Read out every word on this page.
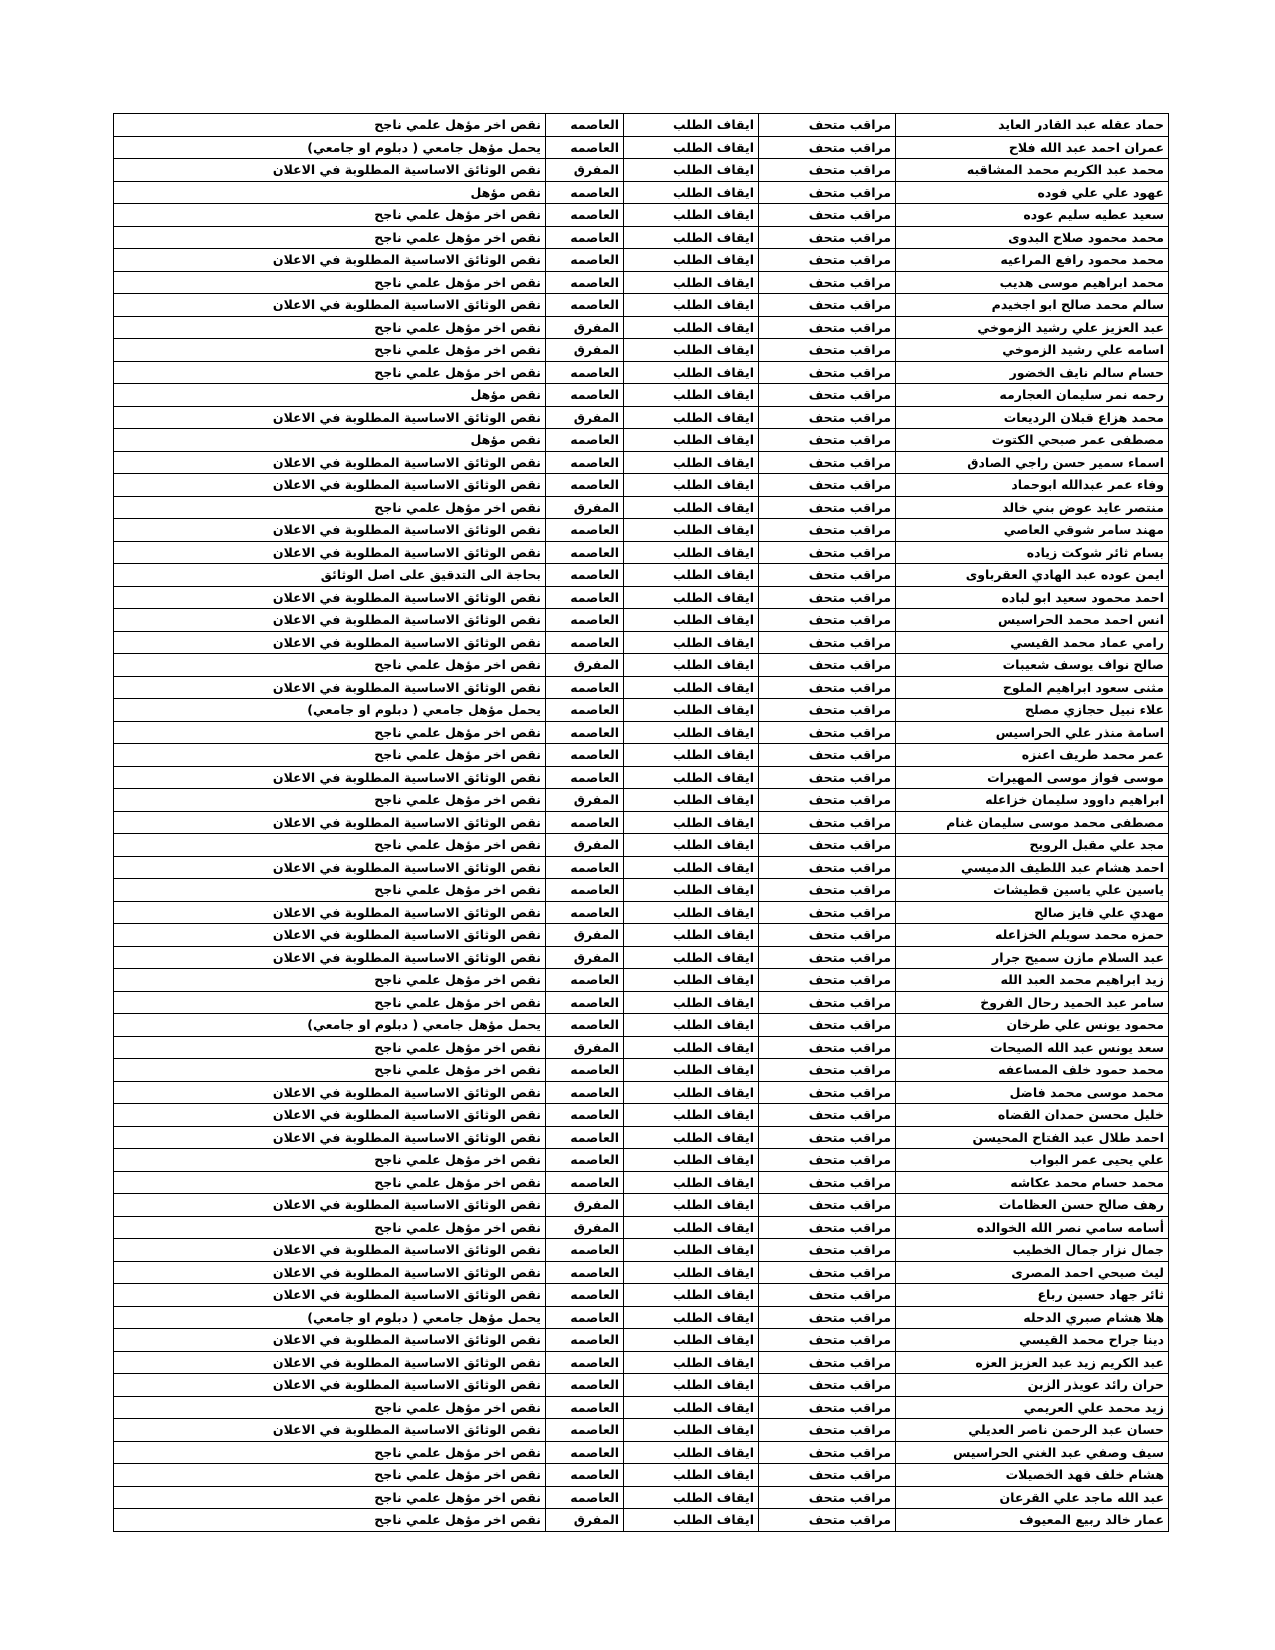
حماد عقله عبد القادر العايد	مراقب متحف	ايقاف الطلب	العاصمه	نقص اخر مؤهل علمي ناجح
عمران احمد عبد الله فلاح	مراقب متحف	ايقاف الطلب	العاصمه	يحمل مؤهل جامعي ( دبلوم او جامعي)
محمد عبد الكريم محمد المشاقبه	مراقب متحف	ايقاف الطلب	المفرق	نقص الوثائق الاساسية المطلوبة في الاعلان
عهود علي علي فوده	مراقب متحف	ايقاف الطلب	العاصمه	نقص مؤهل
سعيد عطيه سليم عوده	مراقب متحف	ايقاف الطلب	العاصمه	نقص اخر مؤهل علمي ناجح
محمد محمود صلاح البدوى	مراقب متحف	ايقاف الطلب	العاصمه	نقص اخر مؤهل علمي ناجح
محمد محمود رافع المراعيه	مراقب متحف	ايقاف الطلب	العاصمه	نقص الوثائق الاساسية المطلوبة في الاعلان
محمد ابراهيم موسى هديب	مراقب متحف	ايقاف الطلب	العاصمه	نقص اخر مؤهل علمي ناجح
سالم محمد صالح ابو اجخيدم	مراقب متحف	ايقاف الطلب	العاصمه	نقص الوثائق الاساسية المطلوبة في الاعلان
عبد العزيز علي رشيد الزموخي	مراقب متحف	ايقاف الطلب	المفرق	نقص اخر مؤهل علمي ناجح
اسامه علي رشيد الزموخي	مراقب متحف	ايقاف الطلب	المفرق	نقص اخر مؤهل علمي ناجح
حسام سالم نايف الخضور	مراقب متحف	ايقاف الطلب	العاصمه	نقص اخر مؤهل علمي ناجح
رحمه نمر سليمان العجارمه	مراقب متحف	ايقاف الطلب	العاصمه	نقص مؤهل
محمد هزاع قبلان الرديعات	مراقب متحف	ايقاف الطلب	المفرق	نقص الوثائق الاساسية المطلوبة في الاعلان
مصطفى عمر صبحي الكتوت	مراقب متحف	ايقاف الطلب	العاصمه	نقص مؤهل
اسماء سمير حسن راجي الصادق	مراقب متحف	ايقاف الطلب	العاصمه	نقص الوثائق الاساسية المطلوبة في الاعلان
وفاء عمر عبدالله ابوحماد	مراقب متحف	ايقاف الطلب	العاصمه	نقص الوثائق الاساسية المطلوبة في الاعلان
منتصر عايد عوض بني خالد	مراقب متحف	ايقاف الطلب	المفرق	نقص اخر مؤهل علمي ناجح
مهند سامر شوقي العاصي	مراقب متحف	ايقاف الطلب	العاصمه	نقص الوثائق الاساسية المطلوبة في الاعلان
بسام ثائر شوكت زياده	مراقب متحف	ايقاف الطلب	العاصمه	نقص الوثائق الاساسية المطلوبة في الاعلان
ايمن عوده عبد الهادي العقرباوى	مراقب متحف	ايقاف الطلب	العاصمه	بحاجة الى التدقيق على اصل الوثائق
احمد محمود سعيد ابو لباده	مراقب متحف	ايقاف الطلب	العاصمه	نقص الوثائق الاساسية المطلوبة في الاعلان
انس احمد محمد الحراسيس	مراقب متحف	ايقاف الطلب	العاصمه	نقص الوثائق الاساسية المطلوبة في الاعلان
رامي عماد محمد القيسي	مراقب متحف	ايقاف الطلب	العاصمه	نقص الوثائق الاساسية المطلوبة في الاعلان
صالح نواف يوسف شعيبات	مراقب متحف	ايقاف الطلب	المفرق	نقص اخر مؤهل علمي ناجح
مثنى سعود ابراهيم الملوح	مراقب متحف	ايقاف الطلب	العاصمه	نقص الوثائق الاساسية المطلوبة في الاعلان
علاء نبيل حجازي مصلح	مراقب متحف	ايقاف الطلب	العاصمه	يحمل مؤهل جامعي ( دبلوم او جامعي)
اسامة منذر علي الحراسيس	مراقب متحف	ايقاف الطلب	العاصمه	نقص اخر مؤهل علمي ناجح
عمر محمد طريف اعنزه	مراقب متحف	ايقاف الطلب	العاصمه	نقص اخر مؤهل علمي ناجح
موسى فواز موسى المهيرات	مراقب متحف	ايقاف الطلب	العاصمه	نقص الوثائق الاساسية المطلوبة في الاعلان
ابراهيم داوود سليمان خزاعله	مراقب متحف	ايقاف الطلب	المفرق	نقص اخر مؤهل علمي ناجح
مصطفى محمد موسى سليمان غنام	مراقب متحف	ايقاف الطلب	العاصمه	نقص الوثائق الاساسية المطلوبة في الاعلان
مجد علي مقبل الرويح	مراقب متحف	ايقاف الطلب	المفرق	نقص اخر مؤهل علمي ناجح
احمد هشام عبد اللطيف الدميسي	مراقب متحف	ايقاف الطلب	العاصمه	نقص الوثائق الاساسية المطلوبة في الاعلان
ياسين علي ياسين قطيشات	مراقب متحف	ايقاف الطلب	العاصمه	نقص اخر مؤهل علمي ناجح
مهدي علي فايز صالح	مراقب متحف	ايقاف الطلب	العاصمه	نقص الوثائق الاساسية المطلوبة في الاعلان
حمزه محمد سويلم الخزاعله	مراقب متحف	ايقاف الطلب	المفرق	نقص الوثائق الاساسية المطلوبة في الاعلان
عبد السلام مازن سميح جرار	مراقب متحف	ايقاف الطلب	المفرق	نقص الوثائق الاساسية المطلوبة في الاعلان
زيد ابراهيم محمد العبد الله	مراقب متحف	ايقاف الطلب	العاصمه	نقص اخر مؤهل علمي ناجح
سامر عبد الحميد رحال الفروخ	مراقب متحف	ايقاف الطلب	العاصمه	نقص اخر مؤهل علمي ناجح
محمود يونس علي طرخان	مراقب متحف	ايقاف الطلب	العاصمه	يحمل مؤهل جامعي ( دبلوم او جامعي)
سعد يونس عبد الله الصيحات	مراقب متحف	ايقاف الطلب	المفرق	نقص اخر مؤهل علمي ناجح
محمد حمود خلف المساعفه	مراقب متحف	ايقاف الطلب	العاصمه	نقص اخر مؤهل علمي ناجح
محمد موسى محمد فاضل	مراقب متحف	ايقاف الطلب	العاصمه	نقص الوثائق الاساسية المطلوبة في الاعلان
خليل محسن حمدان القضاه	مراقب متحف	ايقاف الطلب	العاصمه	نقص الوثائق الاساسية المطلوبة في الاعلان
احمد طلال عبد الفتاح المحيسن	مراقب متحف	ايقاف الطلب	العاصمه	نقص الوثائق الاساسية المطلوبة في الاعلان
علي يحيى عمر البواب	مراقب متحف	ايقاف الطلب	العاصمه	نقص اخر مؤهل علمي ناجح
محمد حسام محمد عكاشه	مراقب متحف	ايقاف الطلب	العاصمه	نقص اخر مؤهل علمي ناجح
رهف صالح حسن العظامات	مراقب متحف	ايقاف الطلب	المفرق	نقص الوثائق الاساسية المطلوبة في الاعلان
أسامه سامي نصر الله الخوالده	مراقب متحف	ايقاف الطلب	المفرق	نقص اخر مؤهل علمي ناجح
جمال نزار جمال الخطيب	مراقب متحف	ايقاف الطلب	العاصمه	نقص الوثائق الاساسية المطلوبة في الاعلان
ليث صبحي احمد المصرى	مراقب متحف	ايقاف الطلب	العاصمه	نقص الوثائق الاساسية المطلوبة في الاعلان
ثائر جهاد حسين رباع	مراقب متحف	ايقاف الطلب	العاصمه	نقص الوثائق الاساسية المطلوبة في الاعلان
هلا هشام صبري الدحله	مراقب متحف	ايقاف الطلب	العاصمه	يحمل مؤهل جامعي ( دبلوم او جامعي)
دينا جراح محمد القيسي	مراقب متحف	ايقاف الطلب	العاصمه	نقص الوثائق الاساسية المطلوبة في الاعلان
عبد الكريم زيد عبد العزيز العزه	مراقب متحف	ايقاف الطلب	العاصمه	نقص الوثائق الاساسية المطلوبة في الاعلان
حران رائد عويذر الزبن	مراقب متحف	ايقاف الطلب	العاصمه	نقص الوثائق الاساسية المطلوبة في الاعلان
زيد محمد علي العريمي	مراقب متحف	ايقاف الطلب	العاصمه	نقص اخر مؤهل علمي ناجح
حسان عبد الرحمن ناصر العديلي	مراقب متحف	ايقاف الطلب	العاصمه	نقص الوثائق الاساسية المطلوبة في الاعلان
سيف وصفي عبد الغني الحراسيس	مراقب متحف	ايقاف الطلب	العاصمه	نقص اخر مؤهل علمي ناجح
هشام خلف فهد الخصيلات	مراقب متحف	ايقاف الطلب	العاصمه	نقص اخر مؤهل علمي ناجح
عبد الله ماجد علي القرعان	مراقب متحف	ايقاف الطلب	العاصمه	نقص اخر مؤهل علمي ناجح
عمار خالد ربيع المعيوف	مراقب متحف	ايقاف الطلب	المفرق	نقص اخر مؤهل علمي ناجح
